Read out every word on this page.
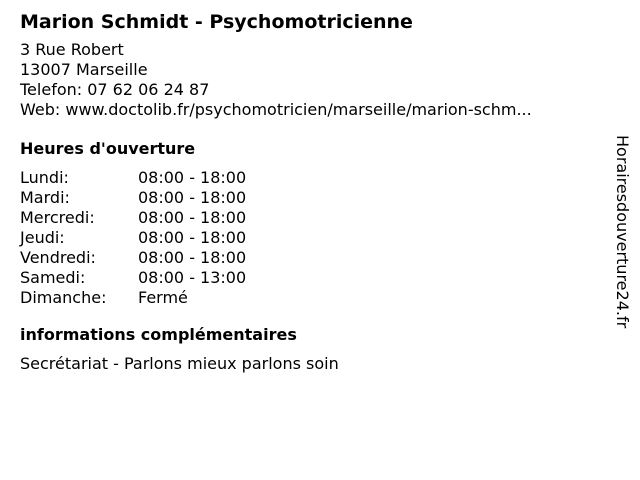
Marion Schmidt - Psychomotricienne
3 Rue Robert
13007 Marseille
Telefon: 07 62 06 24 87
Web: www.doctolib.fr/psychomotricien/marseille/marion-schm...
Heures d'ouverture
Lundi:	08:00 - 18:00
Mardi:	08:00 - 18:00
Mercredi:	08:00 - 18:00
Jeudi:	08:00 - 18:00
Vendredi:	08:00 - 18:00
Samedi:	08:00 - 13:00
Dimanche:	Fermé
informations complémentaires
Secrétariat - Parlons mieux parlons soin
Horairesdouverture24.fr
